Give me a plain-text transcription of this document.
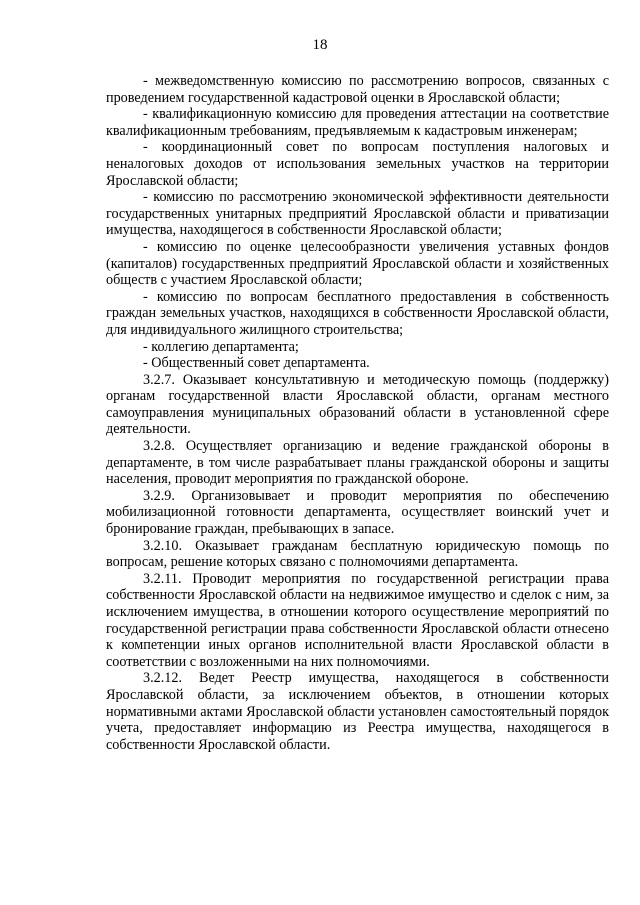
18

- межведомственную комиссию по рассмотрению вопросов, связанных с проведением государственной кадастровой оценки в Ярославской области;

- квалификационную комиссию для проведения аттестации на соответствие квалификационным требованиям, предъявляемым к кадастровым инженерам;

- координационный совет по вопросам поступления налоговых и неналоговых доходов от использования земельных участков на территории Ярославской области;

- комиссию по рассмотрению экономической эффективности деятельности государственных унитарных предприятий Ярославской области и приватизации имущества, находящегося в собственности Ярославской области;

- комиссию по оценке целесообразности увеличения уставных фондов (капиталов) государственных предприятий Ярославской области и хозяйственных обществ с участием Ярославской области;

- комиссию по вопросам бесплатного предоставления в собственность граждан земельных участков, находящихся в собственности Ярославской области, для индивидуального жилищного строительства;

- коллегию департамента;

- Общественный совет департамента.

3.2.7. Оказывает консультативную и методическую помощь (поддержку) органам государственной власти Ярославской области, органам местного самоуправления муниципальных образований области в установленной сфере деятельности.

3.2.8. Осуществляет организацию и ведение гражданской обороны в департаменте, в том числе разрабатывает планы гражданской обороны и защиты населения, проводит мероприятия по гражданской обороне.

3.2.9. Организовывает и проводит мероприятия по обеспечению мобилизационной готовности департамента, осуществляет воинский учет и бронирование граждан, пребывающих в запасе.

3.2.10. Оказывает гражданам бесплатную юридическую помощь по вопросам, решение которых связано с полномочиями департамента.

3.2.11. Проводит мероприятия по государственной регистрации права собственности Ярославской области на недвижимое имущество и сделок с ним, за исключением имущества, в отношении которого осуществление мероприятий по государственной регистрации права собственности Ярославской области отнесено к компетенции иных органов исполнительной власти Ярославской области в соответствии с возложенными на них полномочиями.

3.2.12. Ведет Реестр имущества, находящегося в собственности Ярославской области, за исключением объектов, в отношении которых нормативными актами Ярославской области установлен самостоятельный порядок учета, предоставляет информацию из Реестра имущества, находящегося в собственности Ярославской области.
